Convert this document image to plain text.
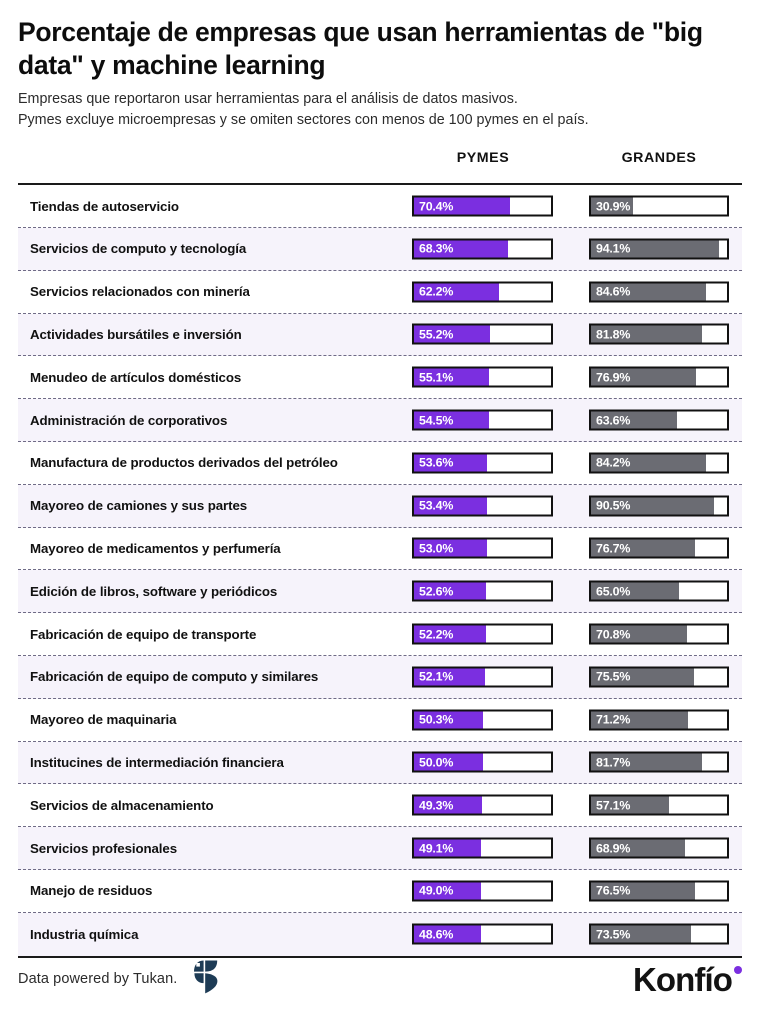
Porcentaje de empresas que usan herramientas de "big data" y machine learning

Empresas que reportaron usar herramientas para el análisis de datos masivos.
Pymes excluye microempresas y se omiten sectores con menos de 100 pymes en el país.

PYMES	GRANDES
Tiendas de autoservicio	70.4%	30.9%
Servicios de computo y tecnología	68.3%	94.1%
Servicios relacionados con minería	62.2%	84.6%
Actividades bursátiles e inversión	55.2%	81.8%
Menudeo de artículos domésticos	55.1%	76.9%
Administración de corporativos	54.5%	63.6%
Manufactura de productos derivados del petróleo	53.6%	84.2%
Mayoreo de camiones y sus partes	53.4%	90.5%
Mayoreo de medicamentos y perfumería	53.0%	76.7%
Edición de libros, software y periódicos	52.6%	65.0%
Fabricación de equipo de transporte	52.2%	70.8%
Fabricación de equipo de computo y similares	52.1%	75.5%
Mayoreo de maquinaria	50.3%	71.2%
Institucines de intermediación financiera	50.0%	81.7%
Servicios de almacenamiento	49.3%	57.1%
Servicios profesionales	49.1%	68.9%
Manejo de residuos	49.0%	76.5%
Industria química	48.6%	73.5%
Data powered by Tukan.	Konfío
